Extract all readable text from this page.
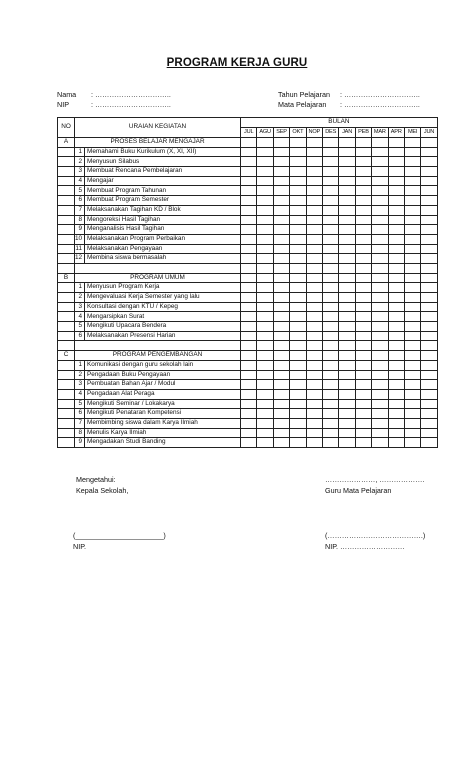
PROGRAM KERJA GURU
Nama : …………………………..
NIP	: …………………………..
Tahun Pelajaran : …………………………..
Mata Pelajaran : …………………………..
NO	URAIAN KEGIATAN		BULAN											
			JUL	AGU	SEP	OKT	NOP	DES	JAN	PEB	MAR	APR	MEI	JUN
A	PROSES BELAJAR MENGAJAR													
	1	Memahami Buku Kurikulum (X, XI, XII)												
	2	Menyusun Silabus												
	3	Membuat Rencana Pembelajaran												
	4	Mengajar												
	5	Membuat Program Tahunan												
	6	Membuat Program Semester												
	7	Melaksanakan Tagihan KD / Blok												
	8	Mengoreksi Hasil Tagihan												
	9	Menganalisis Hasil Tagihan												
	10	Melaksanakan Program Perbaikan												
	11	Melaksanakan Pengayaan												
	12	Membina siswa bermasalah												

B	PROGRAM UMUM													
	1	Menyusun Program Kerja												
	2	Mengevaluasi Kerja Semester yang lalu												
	3	Konsultasi dengan KTU / Kepeg												
	4	Mengarsipkan Surat												
	5	Mengikuti Upacara Bendera												
	6	Melaksanakan Presensi Harian												

C	PROGRAM PENGEMBANGAN													
	1	Komunikasi dengan guru sekolah lain												
	2	Pengadaan Buku Pengayaan												
	3	Pembuatan Bahan Ajar / Modul												
	4	Pengadaan Alat Peraga												
	5	Mengikuti Seminar / Lokakarya												
	6	Mengikuti Penataran Kompetensi												
	7	Membimbing siswa dalam Karya Ilmiah												
	8	Menulis Karya Ilmiah												
	9	Mengadakan Studi Banding												
Mengetahui:
Kepala Sekolah,
…………………, ……………….
Guru Mata Pelajaran
(______________________)
NIP.
(………………………………….)
NIP. ………………………
